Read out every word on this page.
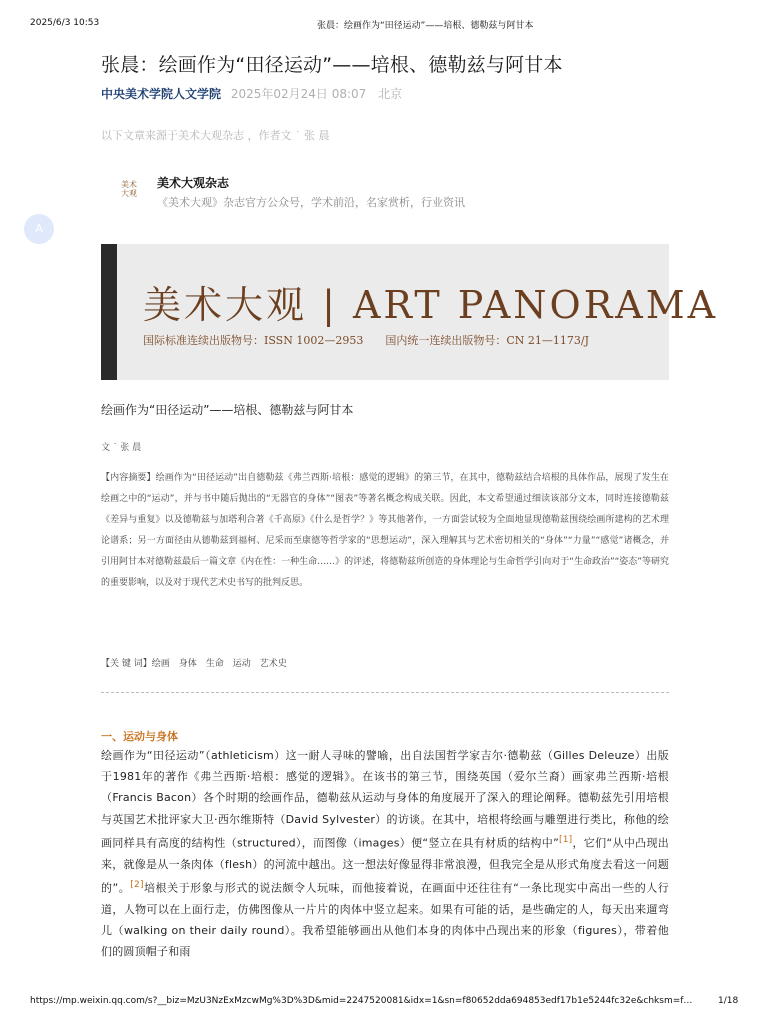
2025/6/3 10:53	张晨：绘画作为“田径运动”——培根、德勒兹与阿甘本
张晨：绘画作为“田径运动”——培根、德勒兹与阿甘本
中央美术学院人文学院 2025年02月24日 08:07 北京
以下文章来源于美术大观杂志 ，作者文 ˙ 张 晨
A
美术 大观
美术大观杂志
《美术大观》杂志官方公众号，学术前沿，名家赏析，行业资讯
美术大观 | ART PANORAMA
国际标准连续出版物号：ISSN 1002—2953　　国内统一连续出版物号：CN 21—1173/J
绘画作为“田径运动”——培根、德勒兹与阿甘本
文 ˙ 张 晨
【内容摘要】绘画作为“田径运动”出自德勒兹《弗兰西斯·培根：感觉的逻辑》的第三节，在其中，德勒兹结合培根的具体作品，展现了发生在绘画之中的“运动”，并与书中随后抛出的“无器官的身体”“图表”等著名概念构成关联。因此，本文希望通过细读该部分文本，同时连接德勒兹《差异与重复》以及德勒兹与加塔利合著《千高原》《什么是哲学？》等其他著作，一方面尝试较为全面地显现德勒兹围绕绘画所建构的艺术理论谱系；另一方面径由从德勒兹到福柯、尼采而至康德等哲学家的“思想运动”，深入理解其与艺术密切相关的“身体”“力量”“感觉”诸概念，并引用阿甘本对德勒兹最后一篇文章《内在性：一种生命……》的评述，将德勒兹所创造的身体理论与生命哲学引向对于“生命政治”“姿态”等研究的重要影响，以及对于现代艺术史书写的批判反思。
【关 键 词】绘画　身体　生命　运动　艺术史
一、运动与身体
绘画作为“田径运动”（athleticism）这一耐人寻味的譬喻，出自法国哲学家吉尔·德勒兹（Gilles Deleuze）出版于1981年的著作《弗兰西斯·培根：感觉的逻辑》。在该书的第三节，围绕英国（爱尔兰裔）画家弗兰西斯·培根（Francis Bacon）各个时期的绘画作品，德勒兹从运动与身体的角度展开了深入的理论阐释。德勒兹先引用培根与英国艺术批评家大卫·西尔维斯特（David Sylvester）的访谈。在其中，培根将绘画与雕塑进行类比，称他的绘画同样具有高度的结构性（structured），而图像（images）便“竖立在具有材质的结构中”[1]，它们“从中凸现出来，就像是从一条肉体（flesh）的河流中越出。这一想法好像显得非常浪漫，但我完全是从形式角度去看这一问题的”。[2]培根关于形象与形式的说法颇令人玩味，而他接着说，在画面中还往往有“一条比现实中高出一些的人行道，人物可以在上面行走，仿佛图像从一片片的肉体中竖立起来。如果有可能的话，是些确定的人，每天出来遛弯儿（walking on their daily round）。我希望能够画出从他们本身的肉体中凸现出来的形象（figures），带着他们的圆顶帽子和雨
https://mp.weixin.qq.com/s?__biz=MzU3NzExMzcwMg%3D%3D&mid=2247520081&idx=1&sn=f80652dda694853edf17b1e5244fc32e&chksm=f…	1/18
